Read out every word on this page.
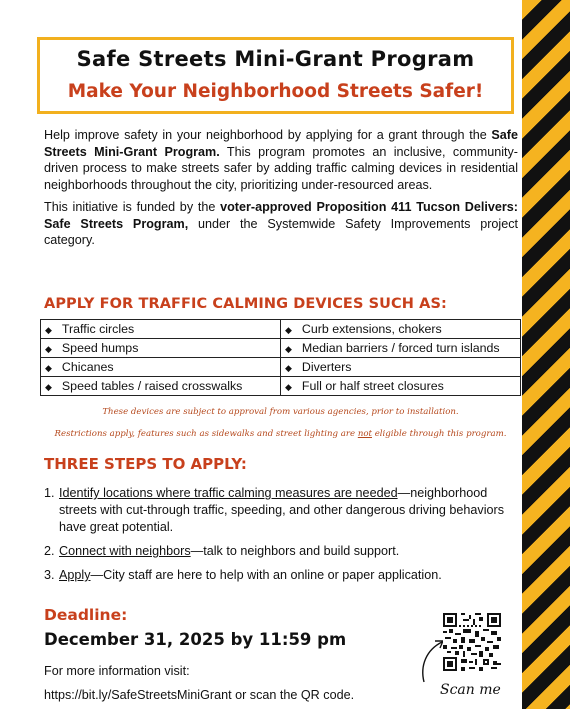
Safe Streets Mini-Grant Program
Make Your Neighborhood Streets Safer!

Help improve safety in your neighborhood by applying for a grant through the Safe Streets Mini-Grant Program. This program promotes an inclusive, community-driven process to make streets safer by adding traffic calming devices in residential neighborhoods throughout the city, prioritizing under-resourced areas.

This initiative is funded by the voter-approved Proposition 411 Tucson Delivers: Safe Streets Program, under the Systemwide Safety Improvements project category.

APPLY FOR TRAFFIC CALMING DEVICES SUCH AS:
◆ Traffic circles	◆ Curb extensions, chokers
◆ Speed humps	◆ Median barriers / forced turn islands
◆ Chicanes	◆ Diverters
◆ Speed tables / raised crosswalks	◆ Full or half street closures
These devices are subject to approval from various agencies, prior to installation.
Restrictions apply, features such as sidewalks and street lighting are not eligible through this program.
THREE STEPS TO APPLY:
1. Identify locations where traffic calming measures are needed—neighborhood streets with cut-through traffic, speeding, and other dangerous driving behaviors have great potential.
2. Connect with neighbors—talk to neighbors and build support.
3. Apply—City staff are here to help with an online or paper application.
Deadline:
December 31, 2025 by 11:59 pm
For more information visit:
https://bit.ly/SafeStreetsMiniGrant or scan the QR code.	Scan me
